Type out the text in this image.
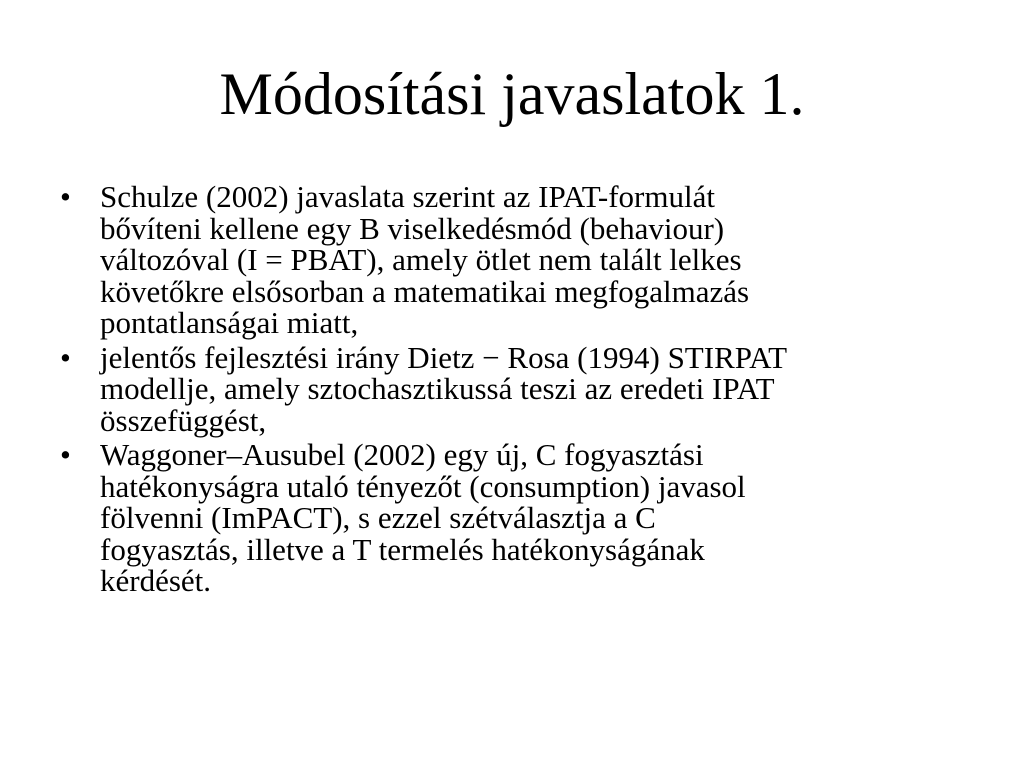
Módosítási javaslatok 1.
• Schulze (2002) javaslata szerint az IPAT-formulát
bővíteni kellene egy B viselkedésmód (behaviour)
változóval (I = PBAT), amely ötlet nem talált lelkes
követőkre elsősorban a matematikai megfogalmazás
pontatlanságai miatt,
• jelentős fejlesztési irány Dietz − Rosa (1994) STIRPAT
modellje, amely sztochasztikussá teszi az eredeti IPAT
összefüggést,
• Waggoner–Ausubel (2002) egy új, C fogyasztási
hatékonyságra utaló tényezőt (consumption) javasol
fölvenni (ImPACT), s ezzel szétválasztja a C
fogyasztás, illetve a T termelés hatékonyságának
kérdését.
